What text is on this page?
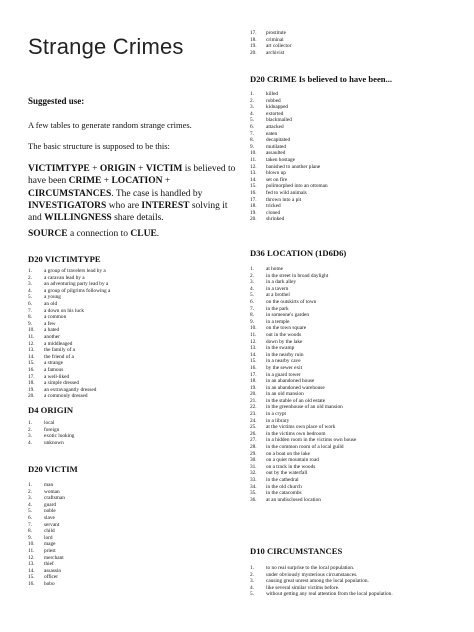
Strange Crimes
Suggested use:
A few tables to generate random strange crimes.
The basic structure is supposed to be this:
VICTIMTYPE + ORIGIN + VICTIM is believed to have been CRIME + LOCATION + CIRCUMSTANCES. The case is handled by INVESTIGATORS who are INTEREST solving it and WILLINGNESS share details.
SOURCE a connection to CLUE.
D20 VICTIMTYPE
1.	a group of travelers lead by a
2.	a caravan lead by a
3.	an adventuring party lead by a
4.	a group of pilgrims following a
5.	a young
6.	an old
7.	a down on his luck
8.	a common
9.	a few
10.	a hated
11.	another
12.	a middleaged
13.	the family of a
14.	the friend of a
15.	a strange
16.	a famous
17.	a well-liked
18.	a simple dressed
19.	an extravagantly dressed
20.	a commonly dressed
D4 ORIGIN
1.	local
2.	foreign
3.	exotic looking
4.	unknown
D20 VICTIM
1.	man
2.	woman
3.	craftsman
4.	guard
5.	noble
6.	slave
7.	servant
8.	child
9.	lord
10.	mage
11.	priest
12.	merchant
13.	thief
14.	assassin
15.	officer
16.	hobo
17.	prostitute
18.	criminal
19.	art collector
20.	archivist
D20 CRIME Is believed to have been...
1.	killed
2.	robbed
3.	kidnapped
4.	extorted
5.	blackmailed
6.	attacked
7.	eaten
8.	decapitated
9.	mutilated
10.	assaulted
11.	taken hostage
12.	banished to another plane
13.	blown up
14.	set on fire
15.	polimorphed into an ottoman
16.	fed to wild animals
17.	thrown into a pit
18.	tricked
19.	cloned
20.	shrinked
D36 LOCATION (1D6D6)
1.	at home
2.	in the street in broad daylight
3.	in a dark alley
4.	in a tavern
5.	at a brothel
6.	on the outskirts of town
7.	in the park
8.	in someone's garden
9.	in a temple
10.	on the town square
11.	out in the woods
12.	down by the lake
13.	in the swamp
14.	in the nearby ruin
15.	in a nearby cave
16.	by the sewer exit
17.	in a guard tower
18.	in an abandoned house
19.	in an abandoned warehouse
20.	in an old mansion
21.	in the stable of an old estate
22.	in the greenhouse of an old mansion
23.	in a crypt
24.	in a library
25.	at the victims own place of work
26.	in the victims own bedroom
27.	in a hidden room in the victims own house
28.	in the common room of a local guild
29.	on a boat on the lake
30.	on a quiet mountain road
31.	on a track in the woods
32.	out by the waterfall
33.	in the cathedral
34.	in the old church
35.	in the catacombs
36.	at an undisclosed location
D10 CIRCUMSTANCES
1.	to no real surprise to the local population.
2.	under obviously mysterious circumstances.
3.	causing great unrest among the local population.
4.	like several similar victims before.
5.	without getting any real attention from the local population.
